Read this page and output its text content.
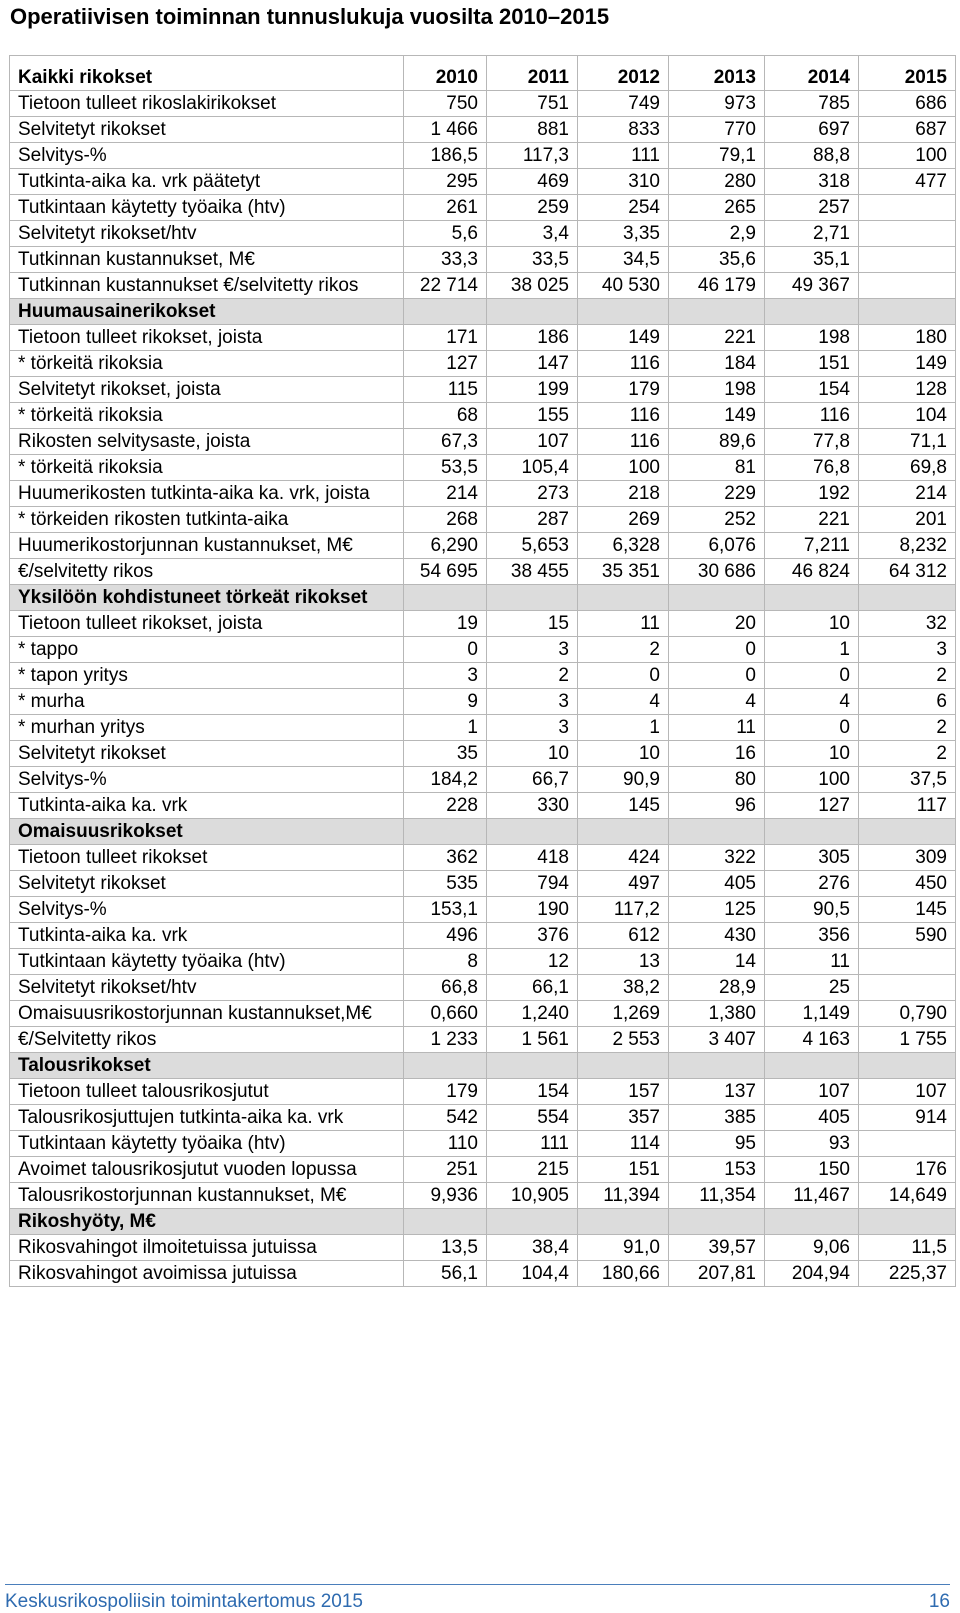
Operatiivisen toiminnan tunnuslukuja vuosilta 2010–2015
Kaikki rikokset	2010	2011	2012	2013	2014	2015
Tietoon tulleet rikoslakirikokset	750	751	749	973	785	686
Selvitetyt rikokset	1 466	881	833	770	697	687
Selvitys-%	186,5	117,3	111	79,1	88,8	100
Tutkinta-aika ka. vrk päätetyt	295	469	310	280	318	477
Tutkintaan käytetty työaika (htv)	261	259	254	265	257	
Selvitetyt rikokset/htv	5,6	3,4	3,35	2,9	2,71	
Tutkinnan kustannukset, M€	33,3	33,5	34,5	35,6	35,1	
Tutkinnan kustannukset €/selvitetty rikos	22 714	38 025	40 530	46 179	49 367	
Huumausainerikokset						
Tietoon tulleet rikokset, joista	171	186	149	221	198	180
* törkeitä rikoksia	127	147	116	184	151	149
Selvitetyt rikokset, joista	115	199	179	198	154	128
* törkeitä rikoksia	68	155	116	149	116	104
Rikosten selvitysaste, joista	67,3	107	116	89,6	77,8	71,1
* törkeitä rikoksia	53,5	105,4	100	81	76,8	69,8
Huumerikosten tutkinta-aika ka. vrk, joista	214	273	218	229	192	214
* törkeiden rikosten tutkinta-aika	268	287	269	252	221	201
Huumerikostorjunnan kustannukset, M€	6,290	5,653	6,328	6,076	7,211	8,232
€/selvitetty rikos	54 695	38 455	35 351	30 686	46 824	64 312
Yksilöön kohdistuneet törkeät rikokset						
Tietoon tulleet rikokset, joista	19	15	11	20	10	32
* tappo	0	3	2	0	1	3
* tapon yritys	3	2	0	0	0	2
* murha	9	3	4	4	4	6
* murhan yritys	1	3	1	11	0	2
Selvitetyt rikokset	35	10	10	16	10	2
Selvitys-%	184,2	66,7	90,9	80	100	37,5
Tutkinta-aika ka. vrk	228	330	145	96	127	117
Omaisuusrikokset						
Tietoon tulleet rikokset	362	418	424	322	305	309
Selvitetyt rikokset	535	794	497	405	276	450
Selvitys-%	153,1	190	117,2	125	90,5	145
Tutkinta-aika ka. vrk	496	376	612	430	356	590
Tutkintaan käytetty työaika (htv)	8	12	13	14	11	
Selvitetyt rikokset/htv	66,8	66,1	38,2	28,9	25	
Omaisuusrikostorjunnan kustannukset,M€	0,660	1,240	1,269	1,380	1,149	0,790
€/Selvitetty rikos	1 233	1 561	2 553	3 407	4 163	1 755
Talousrikokset						
Tietoon tulleet talousrikosjutut	179	154	157	137	107	107
Talousrikosjuttujen tutkinta-aika ka. vrk	542	554	357	385	405	914
Tutkintaan käytetty työaika (htv)	110	111	114	95	93	
Avoimet talousrikosjutut vuoden lopussa	251	215	151	153	150	176
Talousrikostorjunnan kustannukset, M€	9,936	10,905	11,394	11,354	11,467	14,649
Rikoshyöty, M€						
Rikosvahingot ilmoitetuissa jutuissa	13,5	38,4	91,0	39,57	9,06	11,5
Rikosvahingot avoimissa jutuissa	56,1	104,4	180,66	207,81	204,94	225,37
Keskusrikospoliisin toimintakertomus 2015	16
